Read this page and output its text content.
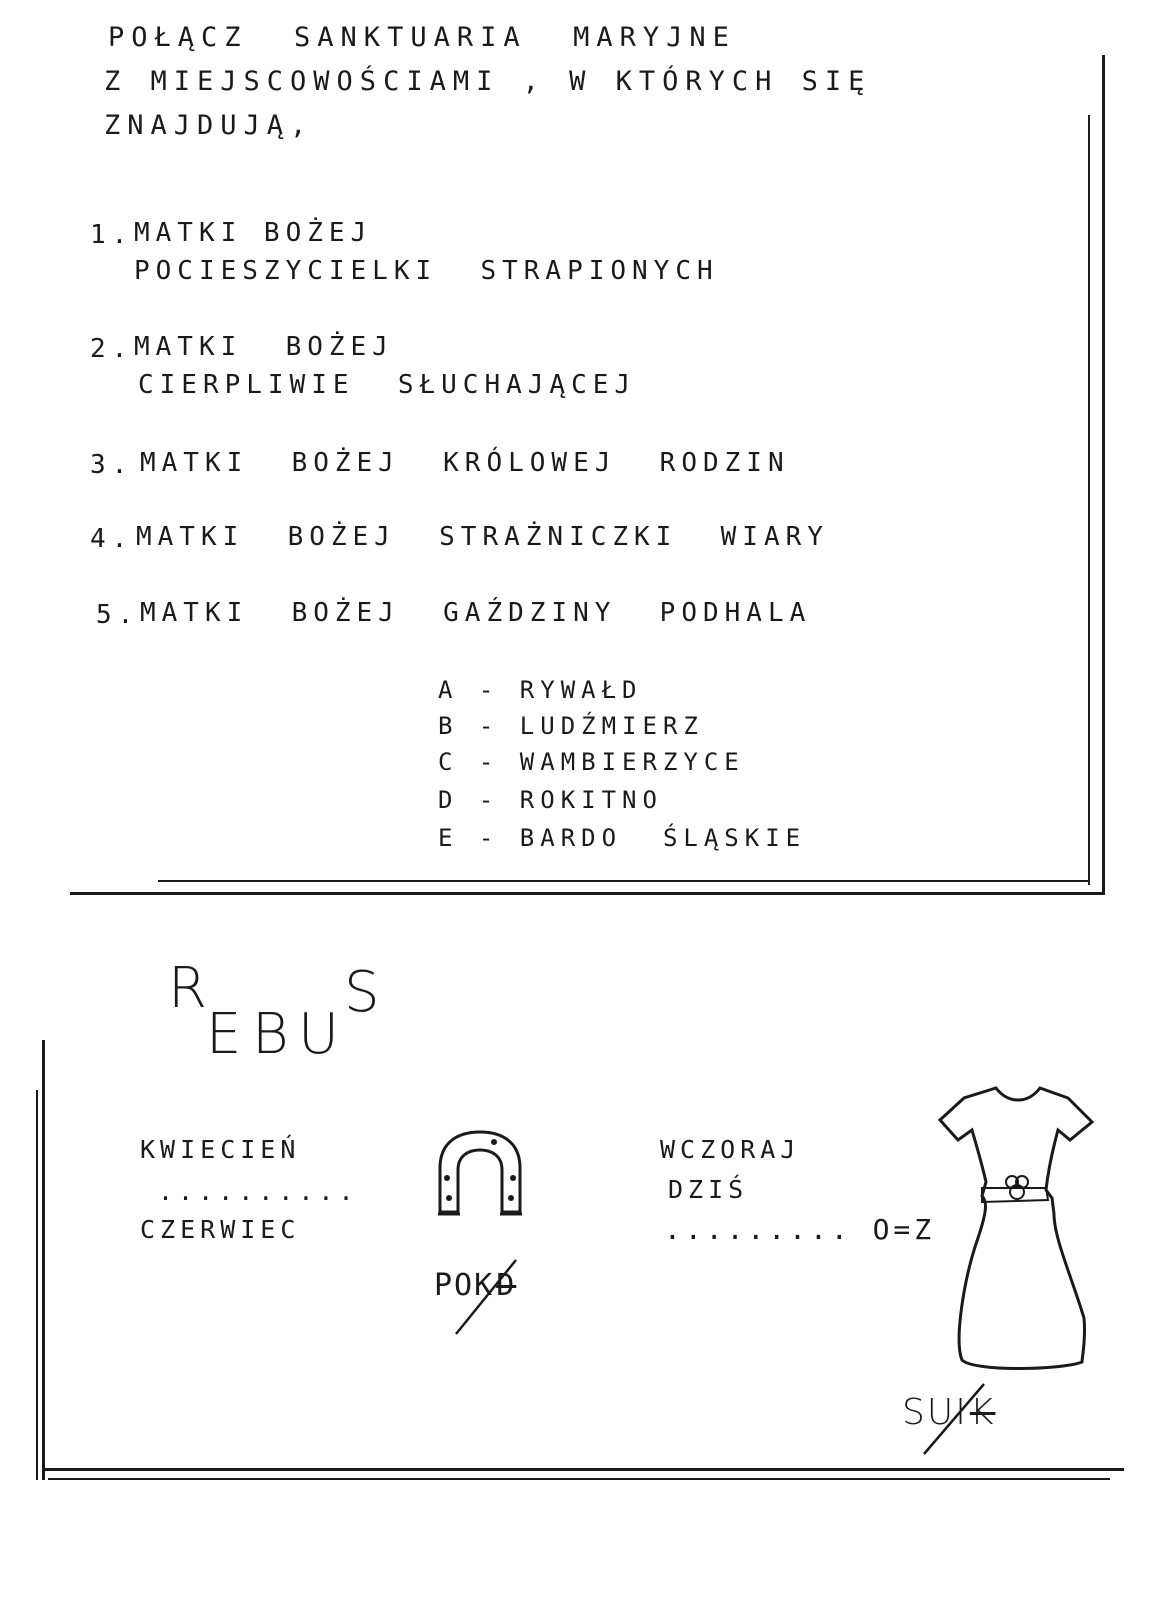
POŁĄCZ  SANKTUARIA  MARYJNE
Z MIEJSCOWOŚCIAMI , W KTÓRYCH SIĘ
ZNAJDUJĄ,
1. MATKI BOŻEJ
POCIESZYCIELKI  STRAPIONYCH
2. MATKI  BOŻEJ
CIERPLIWIE  SŁUCHAJĄCEJ
3. MATKI  BOŻEJ  KRÓLOWEJ  RODZIN
4. MATKI  BOŻEJ  STRAŻNICZKI  WIARY
5. MATKI  BOŻEJ  GAŹDZINY  PODHALA
A - RYWAŁD
B - LUDŹMIERZ
C - WAMBIERZYCE
D - ROKITNO
E - BARDO  ŚLĄSKIE
R
E B U
S
KWIECIEŃ
..........
CZERWIEC
POKD
WCZORAJ
DZIŚ
......... O=Z
SUIK
